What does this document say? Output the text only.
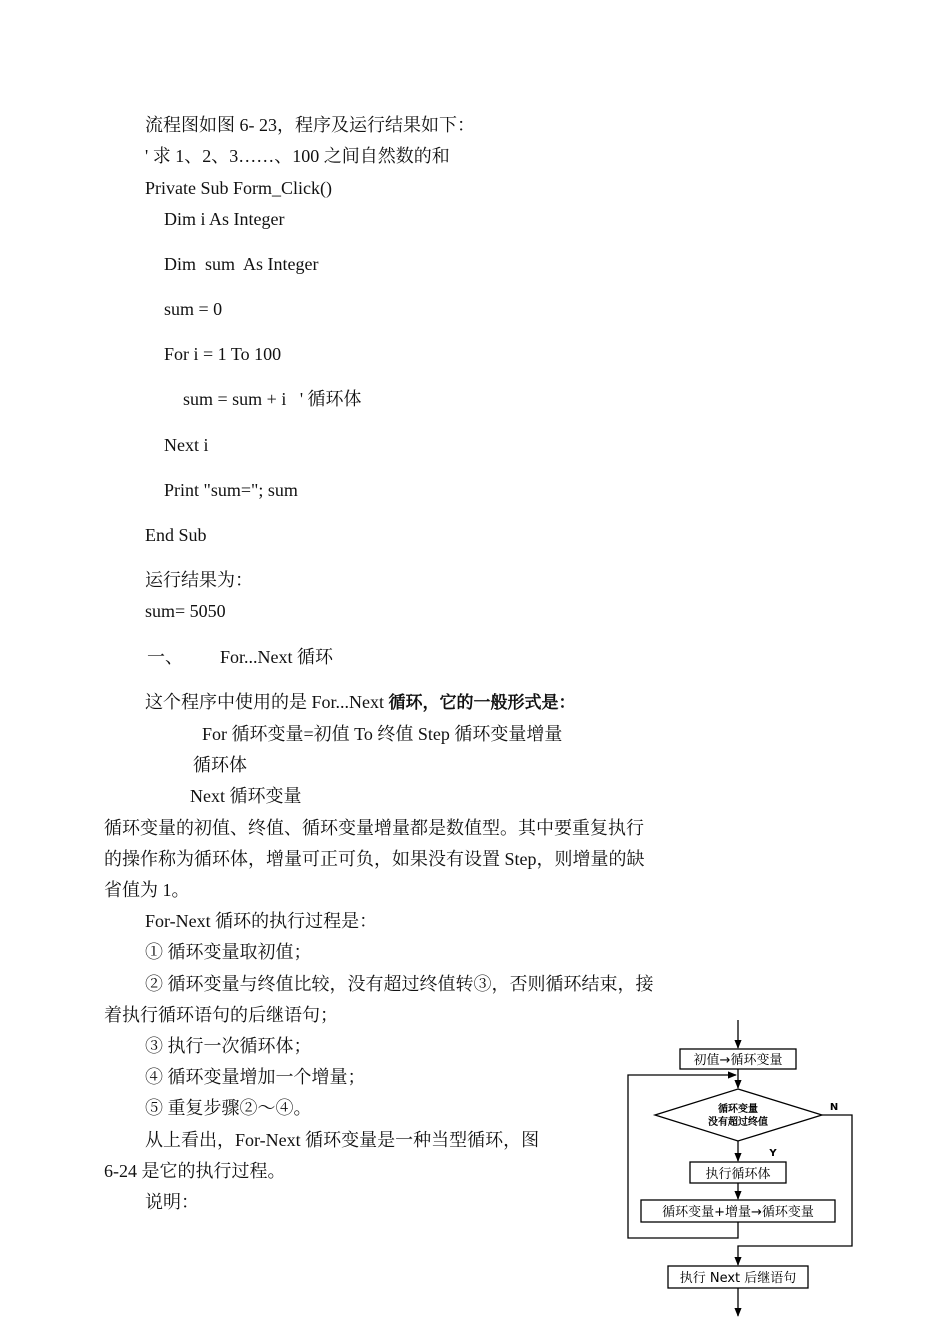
流程图如图 6- 23，程序及运行结果如下：
' 求 1、2、3……、100 之间自然数的和
Private Sub Form_Click()
Dim i As Integer
Dim  sum  As Integer
sum = 0
For i = 1 To 100
sum = sum + i   ' 循环体
Next i
Print "sum="; sum
End Sub
运行结果为：
sum= 5050
一、 For...Next 循环
这个程序中使用的是 For...Next 循环，它的一般形式是：
For 循环变量=初值 To 终值 Step 循环变量增量
循环体
Next 循环变量
循环变量的初值、终值、循环变量增量都是数值型。其中要重复执行
的操作称为循环体，增量可正可负，如果没有设置 Step，则增量的缺
省值为 1。
For-Next 循环的执行过程是：
① 循环变量取初值；
② 循环变量与终值比较，没有超过终值转③，否则循环结束，接
着执行循环语句的后继语句；
③ 执行一次循环体；
④ 循环变量增加一个增量；
⑤ 重复步骤②～④。
从上看出，For-Next 循环变量是一种当型循环，图
6-24 是它的执行过程。
说明：
初值→循环变量
循环变量
没有超过终值
Y
N
执行循环体
循环变量+增量→循环变量
执行 Next 后继语句
